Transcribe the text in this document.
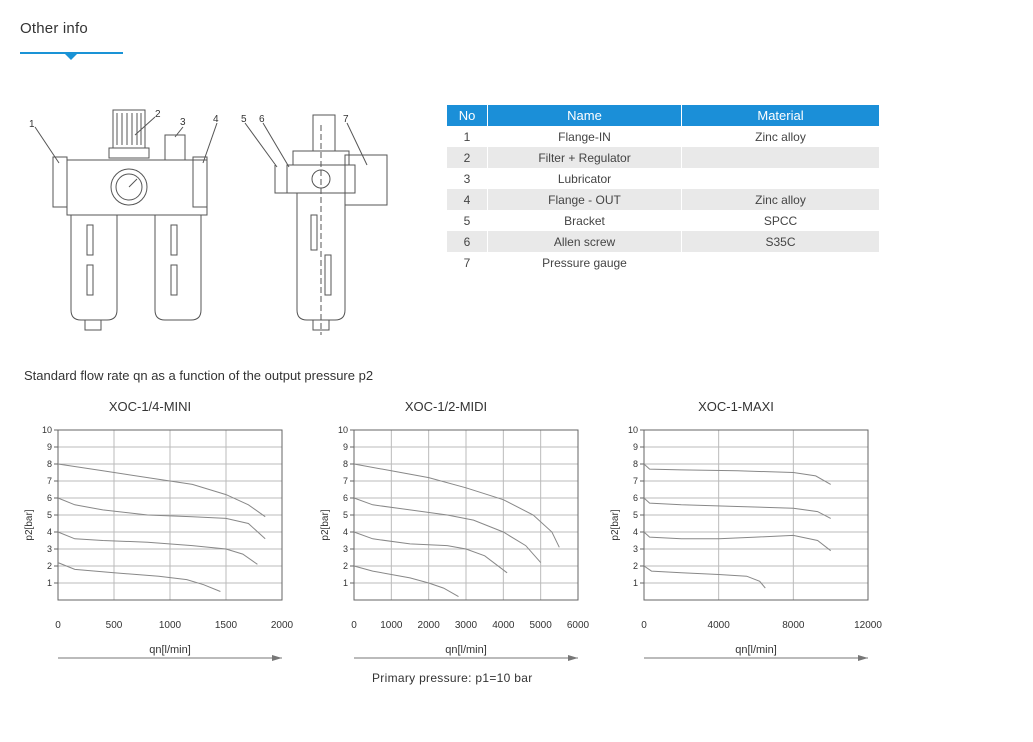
Other info
1
2
3	4 5 6	7	No	Name	Material
1	Flange-IN	Zinc alloy
2	Filter + Regulator	
3	Lubricator	
4	Flange - OUT	Zinc alloy
5	Bracket	SPCC
6	Allen screw	S35C
7	Pressure gauge	
Standard flow rate qn as a function of the output pressure p2
XOC-1/4-MINI
1
2
3
4
5
6
7
8
9
10
0	500	1000	1500	2000
qn[l/min]
p2[bar]
XOC-1/2-MIDI
1
2
3
4
5
6
7
8
9
10
0 1000 2000 3000 4000 5000 6000
qn[l/min]
p2[bar]
XOC-1-MAXI
1
2
3
4
5
6
7
8
9
10
0	4000	8000	12000
qn[l/min]
p2[bar]
Primary pressure: p1=10 bar
